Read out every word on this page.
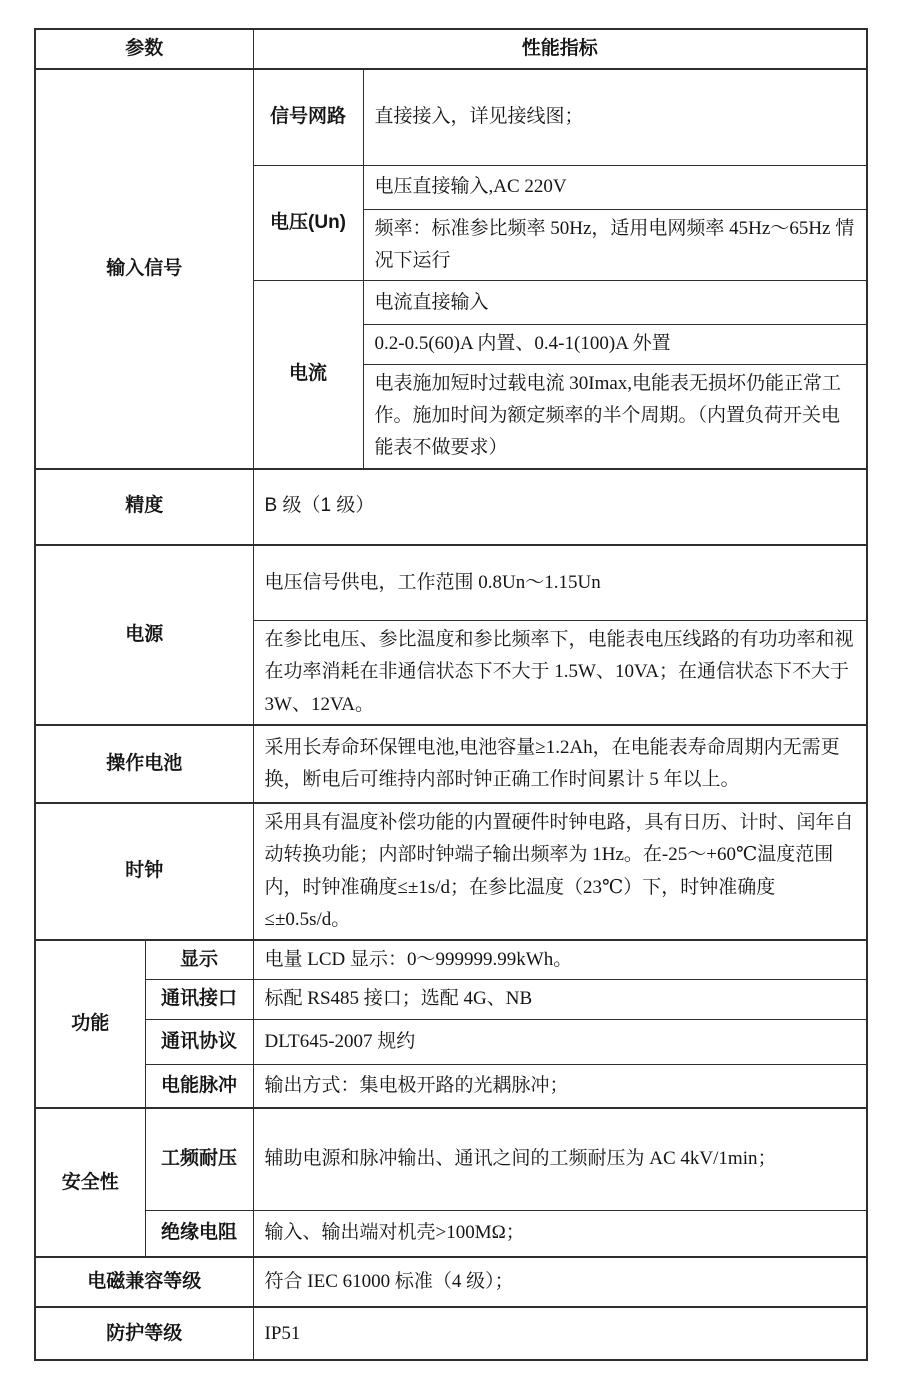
参数		性能指标	
输入信号		信号网路	直接接入，详见接线图；
		电压(Un)	电压直接输入,AC 220V
			频率：标准参比频率 50Hz，适用电网频率 45Hz～65Hz 情况下运行
		电流	电流直接输入
			0.2-0.5(60)A 内置、0.4-1(100)A 外置
			电表施加短时过载电流 30Imax,电能表无损坏仍能正常工作。施加时间为额定频率的半个周期。（内置负荷开关电能表不做要求）
精度		B 级（1 级）	
电源		电压信号供电，工作范围 0.8Un～1.15Un	
		在参比电压、参比温度和参比频率下，电能表电压线路的有功功率和视在功率消耗在非通信状态下不大于 1.5W、10VA；在通信状态下不大于 3W、12VA。	
操作电池		采用长寿命环保锂电池,电池容量≥1.2Ah，在电能表寿命周期内无需更换，断电后可维持内部时钟正确工作时间累计 5 年以上。	
时钟		采用具有温度补偿功能的内置硬件时钟电路，具有日历、计时、闰年自动转换功能；内部时钟端子输出频率为 1Hz。在-25～+60℃温度范围内，时钟准确度≤±1s/d；在参比温度（23℃）下，时钟准确度≤±0.5s/d。	
功能	显示	电量 LCD 显示：0～999999.99kWh。	
	通讯接口	标配 RS485 接口；选配 4G、NB	
	通讯协议	DLT645-2007 规约	
	电能脉冲	输出方式：集电极开路的光耦脉冲；	
安全性	工频耐压	辅助电源和脉冲输出、通讯之间的工频耐压为 AC 4kV/1min；	
	绝缘电阻	输入、输出端对机壳>100MΩ；	
电磁兼容等级		符合 IEC 61000 标准（4 级）；	
防护等级		IP51	
